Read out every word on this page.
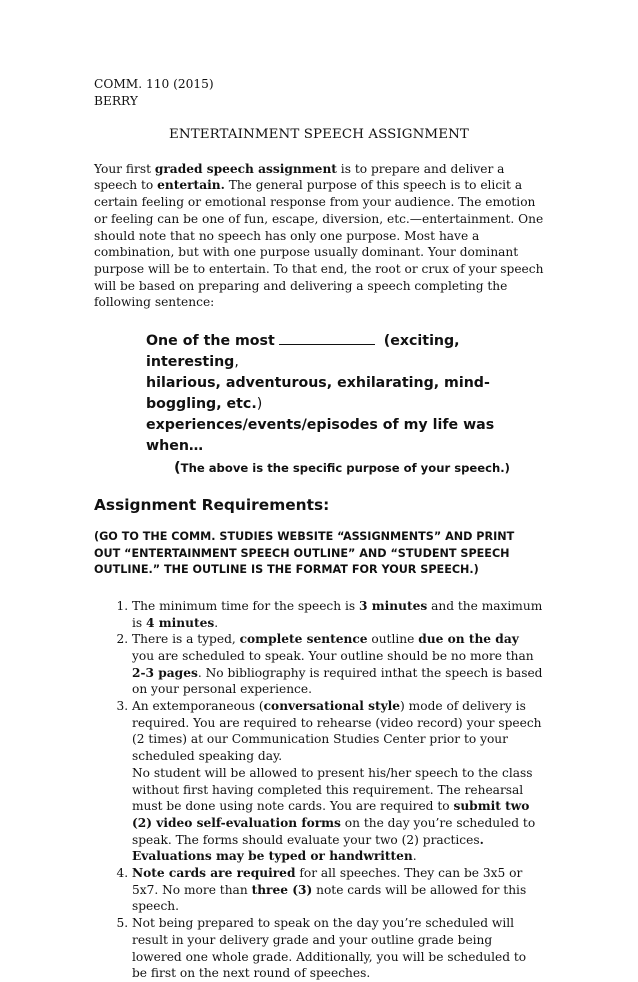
COMM. 110 (2015)
BERRY
ENTERTAINMENT SPEECH ASSIGNMENT
Your first graded speech assignment is to prepare and deliver a speech to entertain. The general purpose of this speech is to elicit a certain feeling or emotional response from your audience. The emotion or feeling can be one of fun, escape, diversion, etc.—entertainment. One should note that no speech has only one purpose. Most have a combination, but with one purpose usually dominant. Your dominant purpose will be to entertain. To that end, the root or crux of your speech will be based on preparing and delivering a speech completing the following sentence:
One of the most	(exciting, interesting,
hilarious, adventurous, exhilarating, mind-boggling, etc.)
experiences/events/episodes of my life was when…
(The above is the specific purpose of your speech.)
Assignment Requirements:
(GO TO THE COMM. STUDIES WEBSITE “ASSIGNMENTS” AND PRINT OUT “ENTERTAINMENT SPEECH OUTLINE” AND “STUDENT SPEECH OUTLINE.” THE OUTLINE IS THE FORMAT FOR YOUR SPEECH.)
1. The minimum time for the speech is 3 minutes and the maximum is 4 minutes.
2. There is a typed, complete sentence outline due on the day you are scheduled to speak. Your outline should be no more than 2-3 pages. No bibliography is required inthat the speech is based on your personal experience.
3. An extemporaneous (conversational style) mode of delivery is required. You are required to rehearse (video record) your speech (2 times) at our Communication Studies Center prior to your scheduled speaking day.
No student will be allowed to present his/her speech to the class without first having completed this requirement. The rehearsal must be done using note cards. You are required to submit two (2) video self-evaluation forms on the day you’re scheduled to speak. The forms should evaluate your two (2) practices. Evaluations may be typed or handwritten.
4. Note cards are required for all speeches. They can be 3x5 or 5x7. No more than three (3) note cards will be allowed for this speech.
5. Not being prepared to speak on the day you’re scheduled will result in your delivery grade and your outline grade being lowered one whole grade. Additionally, you will be scheduled to be first on the next round of speeches.
